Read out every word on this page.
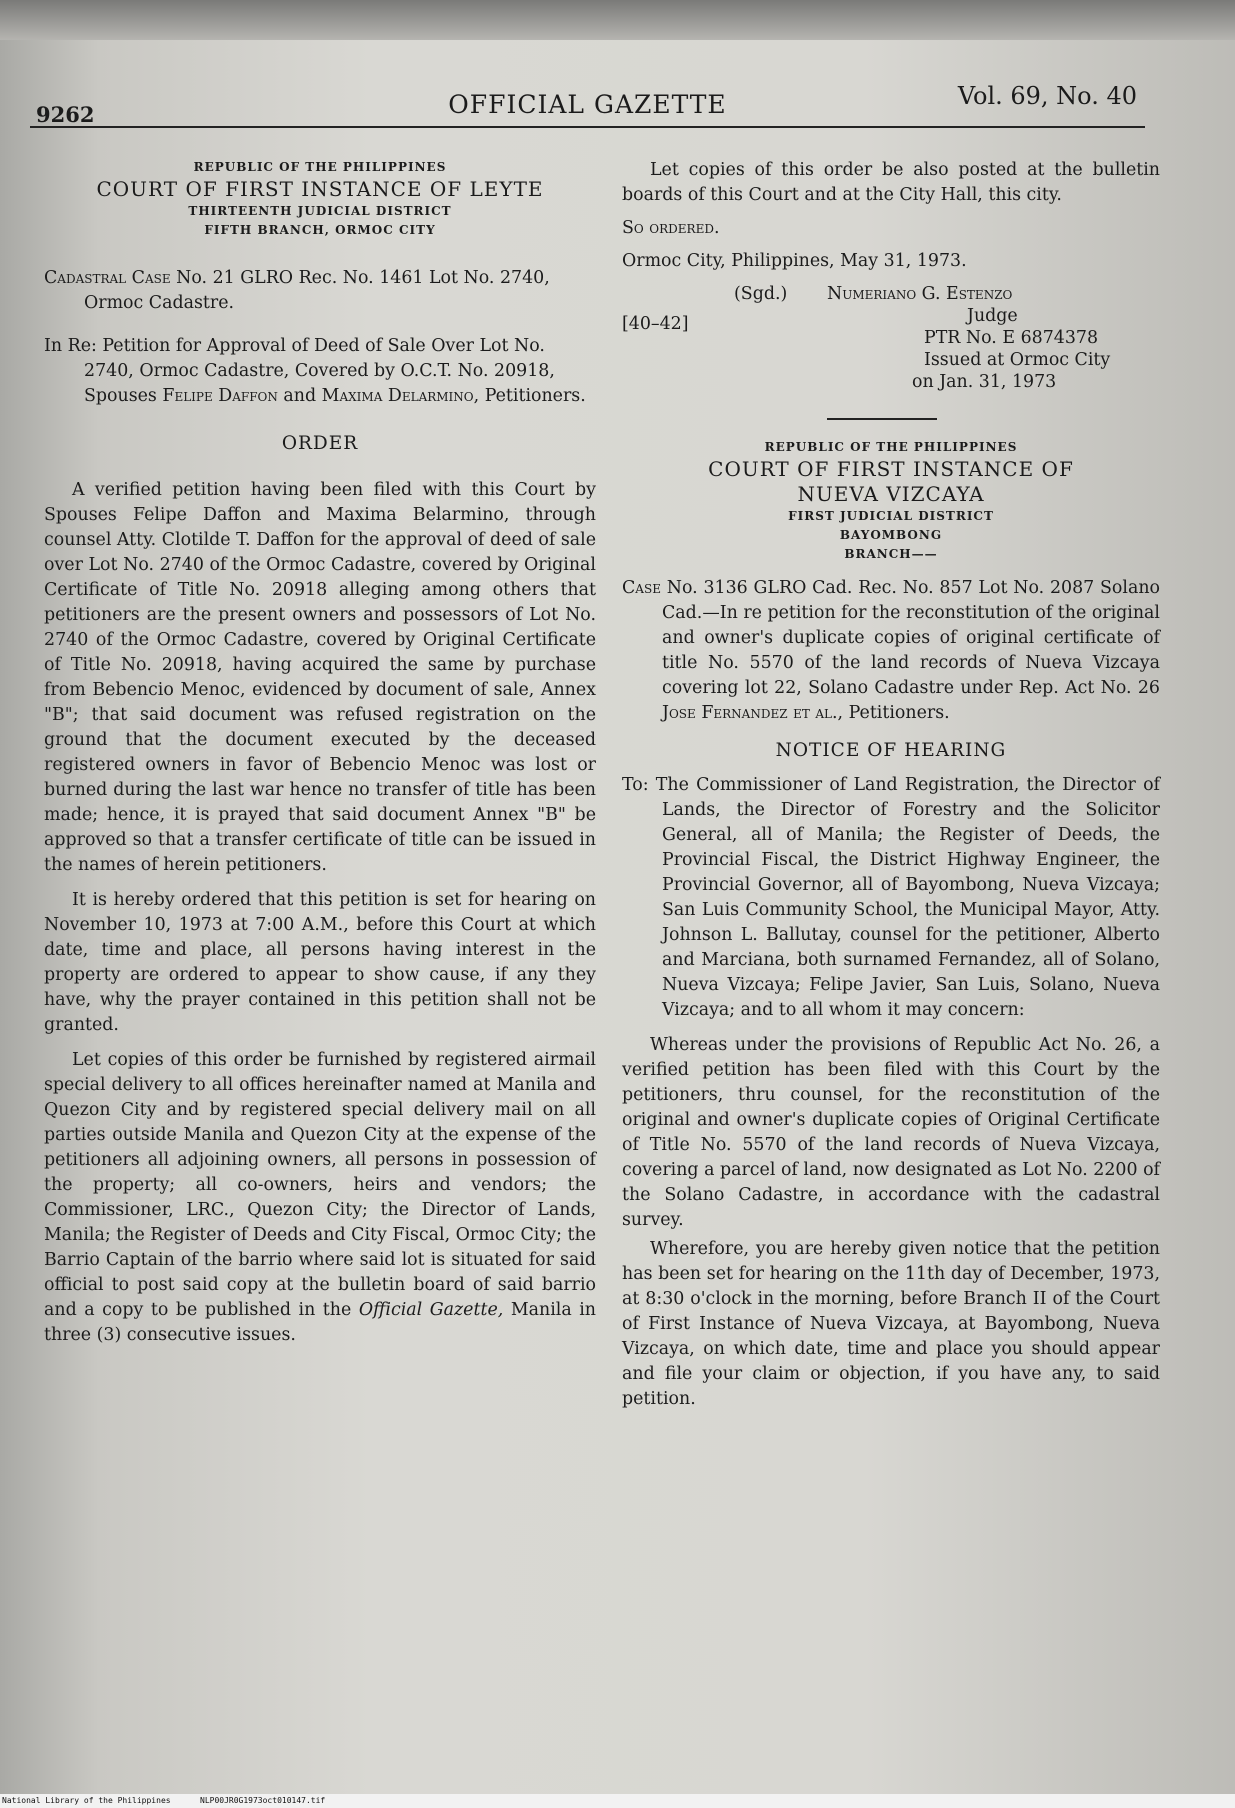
9262	OFFICIAL GAZETTE	Vol. 69, No. 40
REPUBLIC OF THE PHILIPPINES
COURT OF FIRST INSTANCE OF LEYTE
THIRTEENTH JUDICIAL DISTRICT
FIFTH BRANCH, ORMOC CITY

Cadastral Case No. 21 GLRO Rec. No. 1461 Lot No. 2740, Ormoc Cadastre.

In Re: Petition for Approval of Deed of Sale Over Lot No. 2740, Ormoc Cadastre, Covered by O.C.T. No. 20918, Spouses Felipe Daffon and Maxima Delarmino, Petitioners.

ORDER

A verified petition having been filed with this Court by Spouses Felipe Daffon and Maxima Belarmino, through counsel Atty. Clotilde T. Daffon for the approval of deed of sale over Lot No. 2740 of the Ormoc Cadastre, covered by Original Certificate of Title No. 20918 alleging among others that petitioners are the present owners and possessors of Lot No. 2740 of the Ormoc Cadastre, covered by Original Certificate of Title No. 20918, having acquired the same by purchase from Bebencio Menoc, evidenced by document of sale, Annex "B"; that said document was refused registration on the ground that the document executed by the deceased registered owners in favor of Bebencio Menoc was lost or burned during the last war hence no transfer of title has been made; hence, it is prayed that said document Annex "B" be approved so that a transfer certificate of title can be issued in the names of herein petitioners.

It is hereby ordered that this petition is set for hearing on November 10, 1973 at 7:00 A.M., before this Court at which date, time and place, all persons having interest in the property are ordered to appear to show cause, if any they have, why the prayer contained in this petition shall not be granted.

Let copies of this order be furnished by registered airmail special delivery to all offices hereinafter named at Manila and Quezon City and by registered special delivery mail on all parties outside Manila and Quezon City at the expense of the petitioners all adjoining owners, all persons in possession of the property; all co-owners, heirs and vendors; the Commissioner, LRC., Quezon City; the Director of Lands, Manila; the Register of Deeds and City Fiscal, Ormoc City; the Barrio Captain of the barrio where said lot is situated for said official to post said copy at the bulletin board of said barrio and a copy to be published in the Official Gazette, Manila in three (3) consecutive issues.

Let copies of this order be also posted at the bulletin boards of this Court and at the City Hall, this city.

So ordered.

Ormoc City, Philippines, May 31, 1973.

[40–42]
(Sgd.) Numeriano G. Estenzo
Judge
PTR No. E 6874378
Issued at Ormoc City
on Jan. 31, 1973
REPUBLIC OF THE PHILIPPINES
COURT OF FIRST INSTANCE OF
NUEVA VIZCAYA
FIRST JUDICIAL DISTRICT
BAYOMBONG
BRANCH——

Case No. 3136 GLRO Cad. Rec. No. 857 Lot No. 2087 Solano Cad.—In re petition for the reconstitution of the original and owner's duplicate copies of original certificate of title No. 5570 of the land records of Nueva Vizcaya covering lot 22, Solano Cadastre under Rep. Act No. 26 Jose Fernandez et al., Petitioners.

NOTICE OF HEARING

To: The Commissioner of Land Registration, the Director of Lands, the Director of Forestry and the Solicitor General, all of Manila; the Register of Deeds, the Provincial Fiscal, the District Highway Engineer, the Provincial Governor, all of Bayombong, Nueva Vizcaya; San Luis Community School, the Municipal Mayor, Atty. Johnson L. Ballutay, counsel for the petitioner, Alberto and Marciana, both surnamed Fernandez, all of Solano, Nueva Vizcaya; Felipe Javier, San Luis, Solano, Nueva Vizcaya; and to all whom it may concern:

Whereas under the provisions of Republic Act No. 26, a verified petition has been filed with this Court by the petitioners, thru counsel, for the reconstitution of the original and owner's duplicate copies of Original Certificate of Title No. 5570 of the land records of Nueva Vizcaya, covering a parcel of land, now designated as Lot No. 2200 of the Solano Cadastre, in accordance with the cadastral survey.

Wherefore, you are hereby given notice that the petition has been set for hearing on the 11th day of December, 1973, at 8:30 o'clock in the morning, before Branch II of the Court of First Instance of Nueva Vizcaya, at Bayombong, Nueva Vizcaya, on which date, time and place you should appear and file your claim or objection, if you have any, to said petition.

National Library of the Philippines	NLP00JR0G1973oct010147.tif
